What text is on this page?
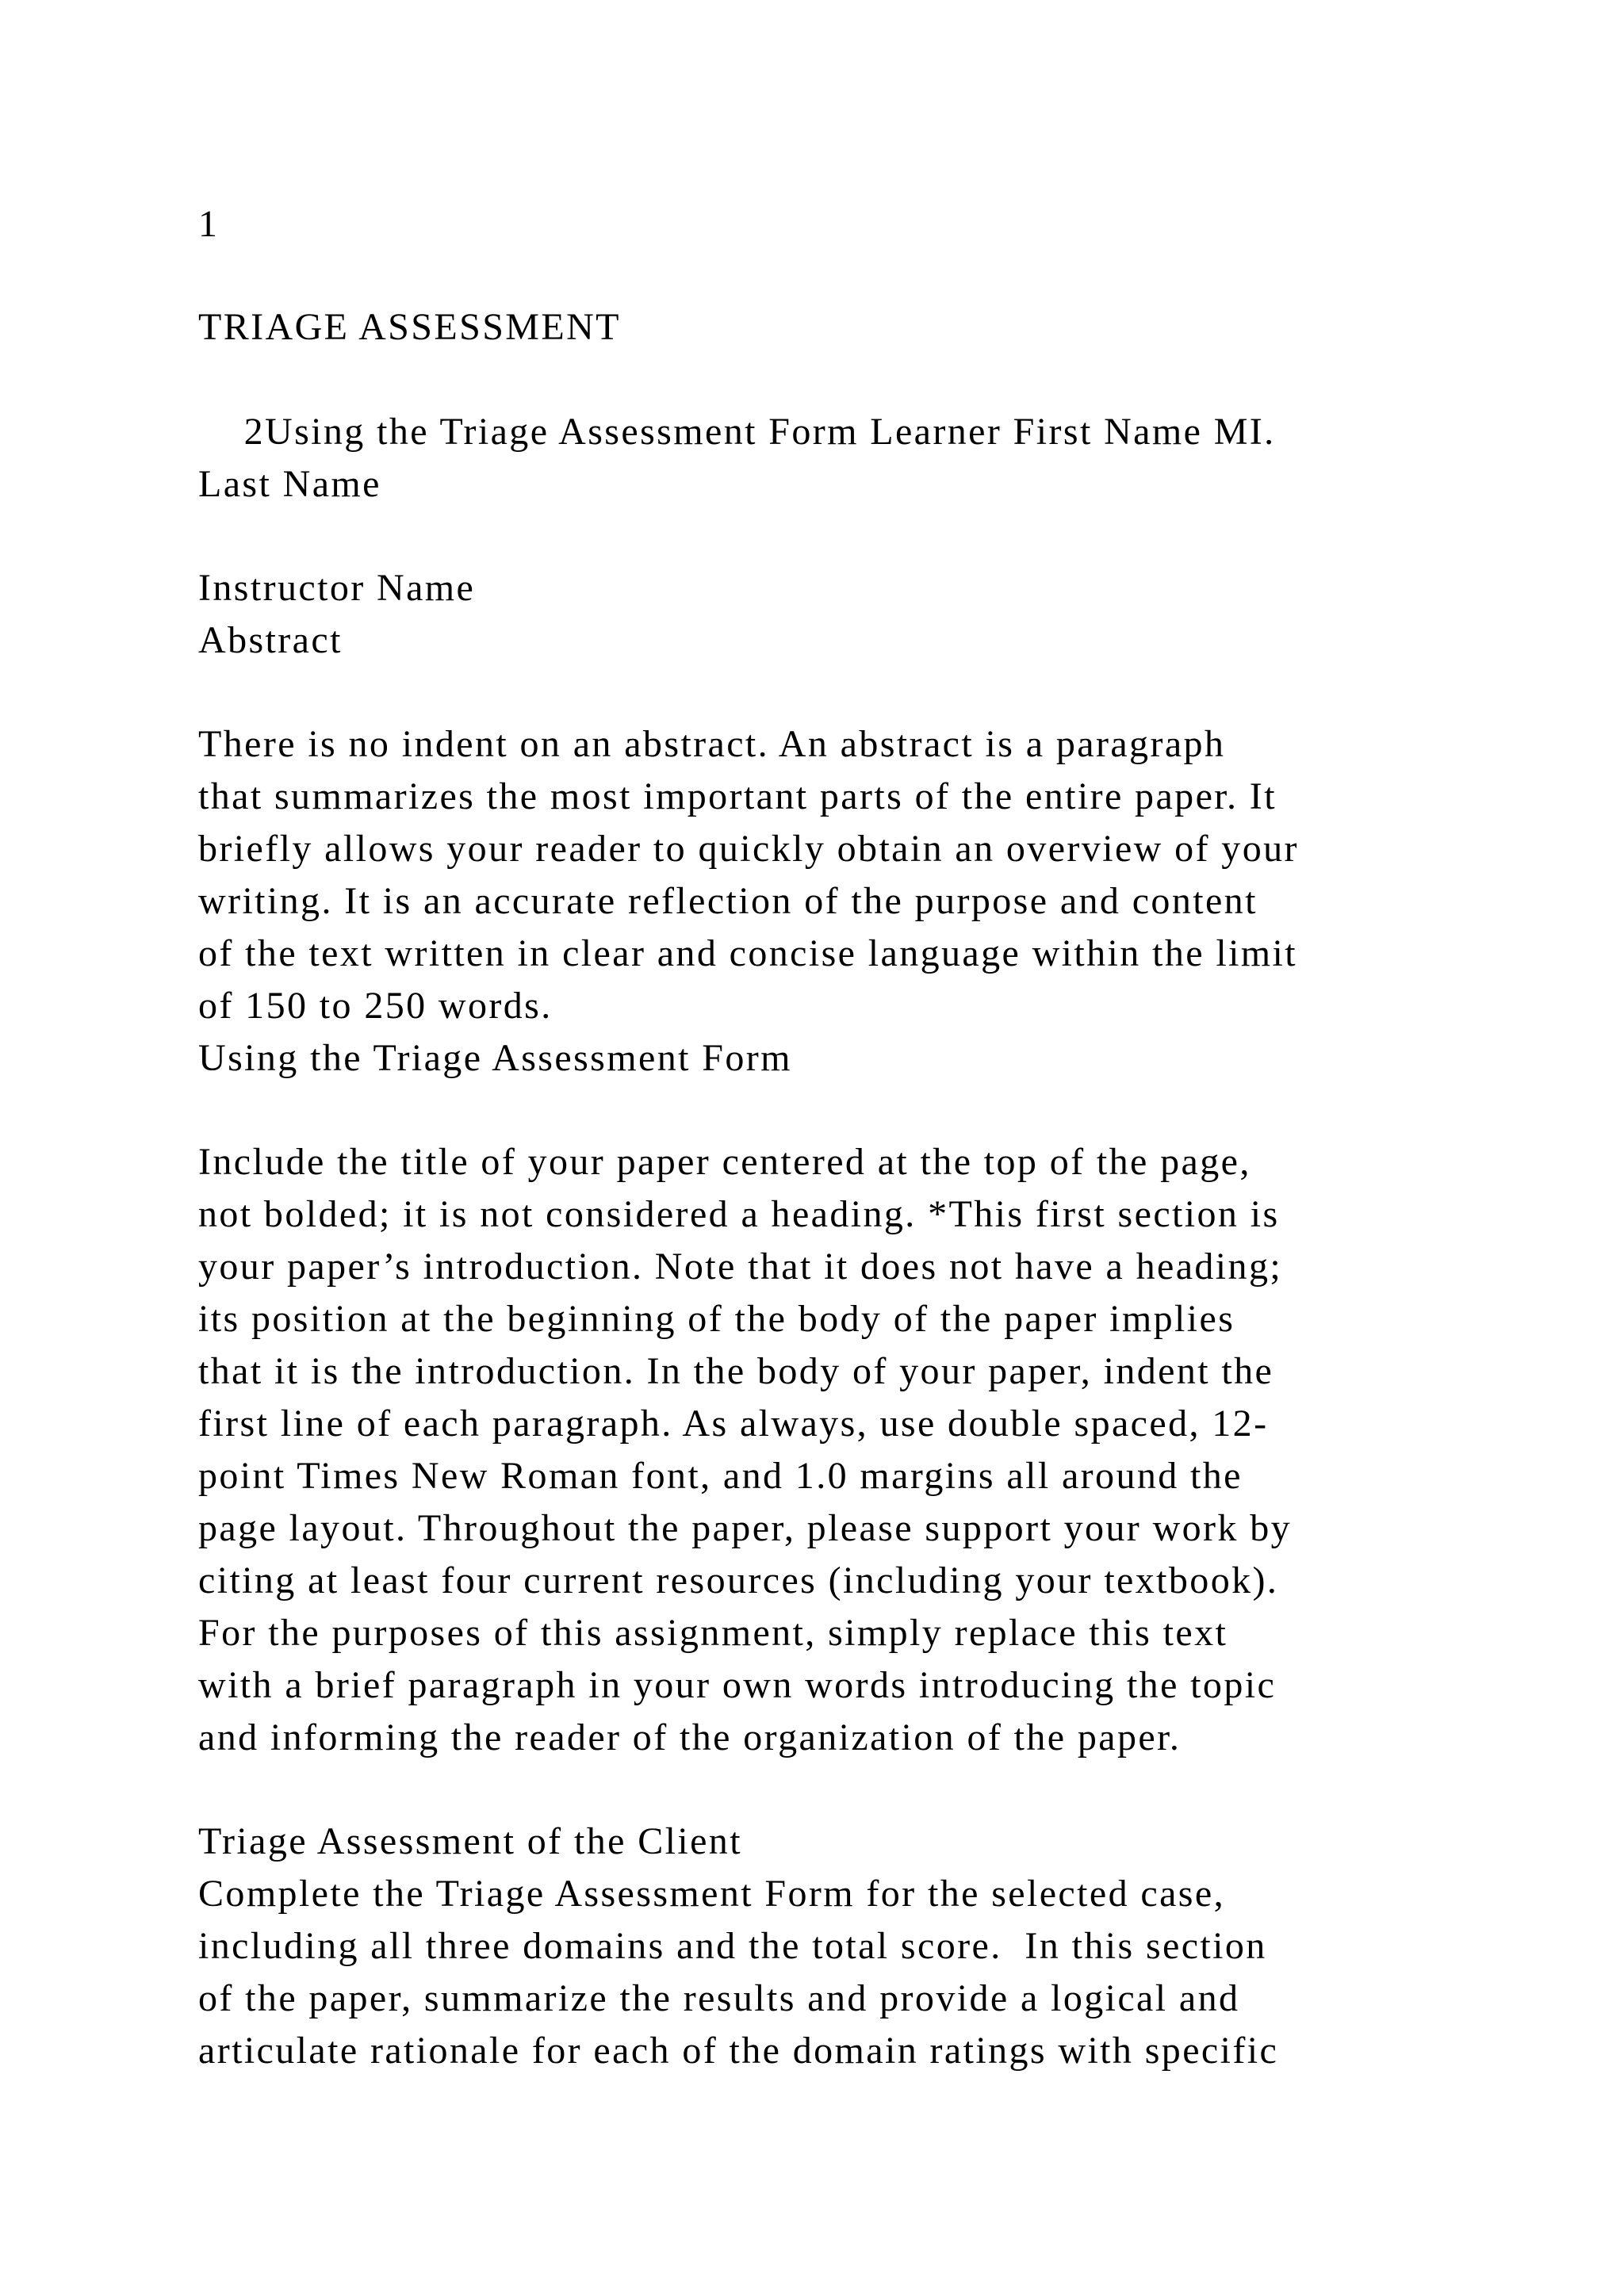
1

TRIAGE ASSESSMENT

2Using the Triage Assessment Form Learner First Name MI.

Last Name

Instructor Name

Abstract

There is no indent on an abstract. An abstract is a paragraph

that summarizes the most important parts of the entire paper. It

briefly allows your reader to quickly obtain an overview of your

writing. It is an accurate reflection of the purpose and content

of the text written in clear and concise language within the limit

of 150 to 250 words.

Using the Triage Assessment Form

Include the title of your paper centered at the top of the page,

not bolded; it is not considered a heading. *This first section is

your paper’s introduction. Note that it does not have a heading;

its position at the beginning of the body of the paper implies

that it is the introduction. In the body of your paper, indent the

first line of each paragraph. As always, use double spaced, 12-

point Times New Roman font, and 1.0 margins all around the

page layout. Throughout the paper, please support your work by

citing at least four current resources (including your textbook).

For the purposes of this assignment, simply replace this text

with a brief paragraph in your own words introducing the topic

and informing the reader of the organization of the paper.

Triage Assessment of the Client

Complete the Triage Assessment Form for the selected case,

including all three domains and the total score.  In this section

of the paper, summarize the results and provide a logical and

articulate rationale for each of the domain ratings with specific
